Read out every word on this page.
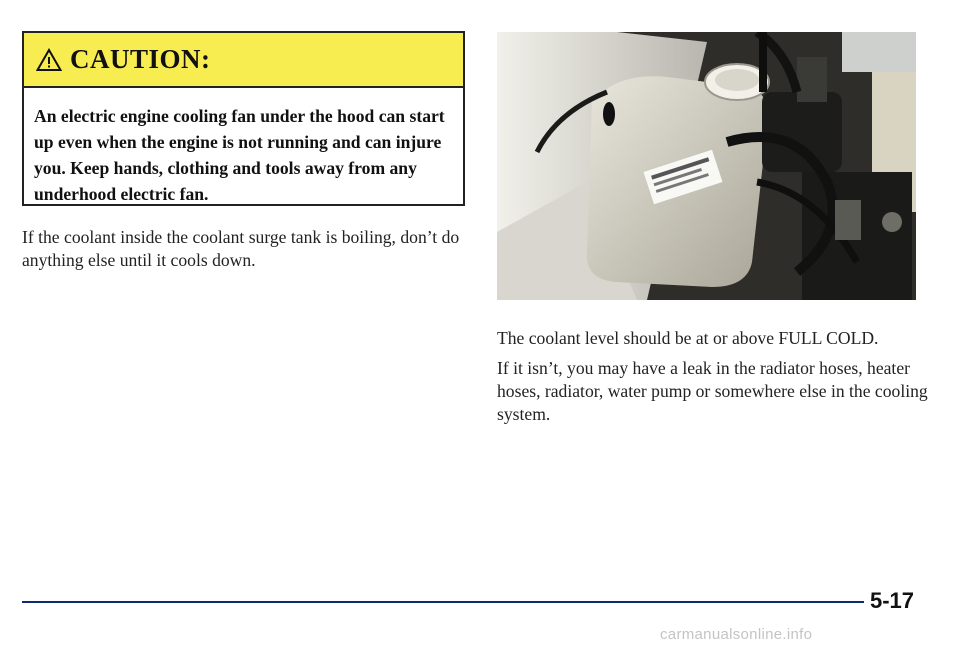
CAUTION:
An electric engine cooling fan under the hood can start up even when the engine is not running and can injure you. Keep hands, clothing and tools away from any underhood electric fan.

If the coolant inside the coolant surge tank is boiling, don’t do anything else until it cools down.

The coolant level should be at or above FULL COLD.

If it isn’t, you may have a leak in the radiator hoses, heater hoses, radiator, water pump or somewhere else in the cooling system.

5-17
carmanualsonline.info
